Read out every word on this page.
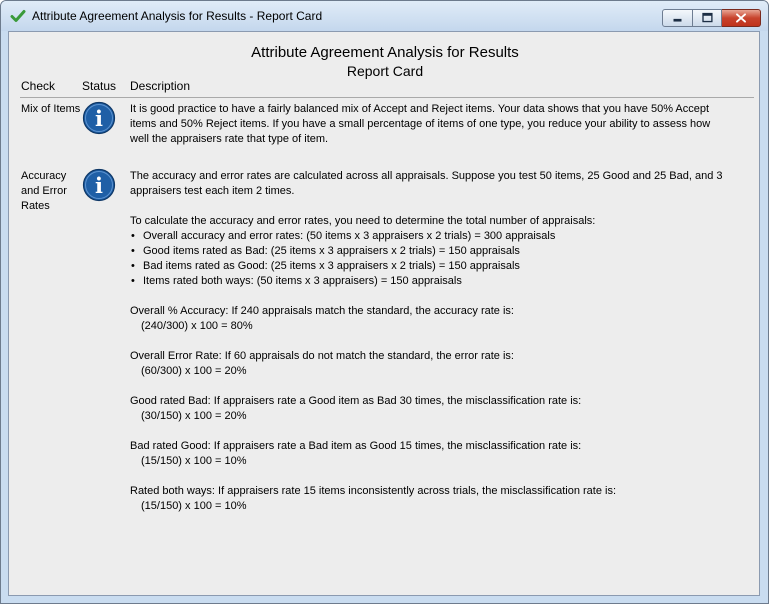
Attribute Agreement Analysis for Results - Report Card
Attribute Agreement Analysis for Results
Report Card
Check Status Description
Mix of Items i It is good practice to have a fairly balanced mix of Accept and Reject items. Your data shows that you have 50% Accept items and 50% Reject items. If you have a small percentage of items of one type, you reduce your ability to assess how well the appraisers rate that type of item.

Accuracy and Error Rates
i The accuracy and error rates are calculated across all appraisals. Suppose you test 50 items, 25 Good and 25 Bad, and 3 appraisers test each item 2 times.

To calculate the accuracy and error rates, you need to determine the total number of appraisals:

• Overall accuracy and error rates: (50 items x 3 appraisers x 2 trials) = 300 appraisals
• Good items rated as Bad: (25 items x 3 appraisers x 2 trials) = 150 appraisals
• Bad items rated as Good: (25 items x 3 appraisers x 2 trials) = 150 appraisals
• Items rated both ways: (50 items x 3 appraisers) = 150 appraisals

Overall % Accuracy: If 240 appraisals match the standard, the accuracy rate is:

(240/300) x 100 = 80%

Overall Error Rate: If 60 appraisals do not match the standard, the error rate is:

(60/300) x 100 = 20%

Good rated Bad: If appraisers rate a Good item as Bad 30 times, the misclassification rate is:

(30/150) x 100 = 20%

Bad rated Good: If appraisers rate a Bad item as Good 15 times, the misclassification rate is:

(15/150) x 100 = 10%

Rated both ways: If appraisers rate 15 items inconsistently across trials, the misclassification rate is:

(15/150) x 100 = 10%
